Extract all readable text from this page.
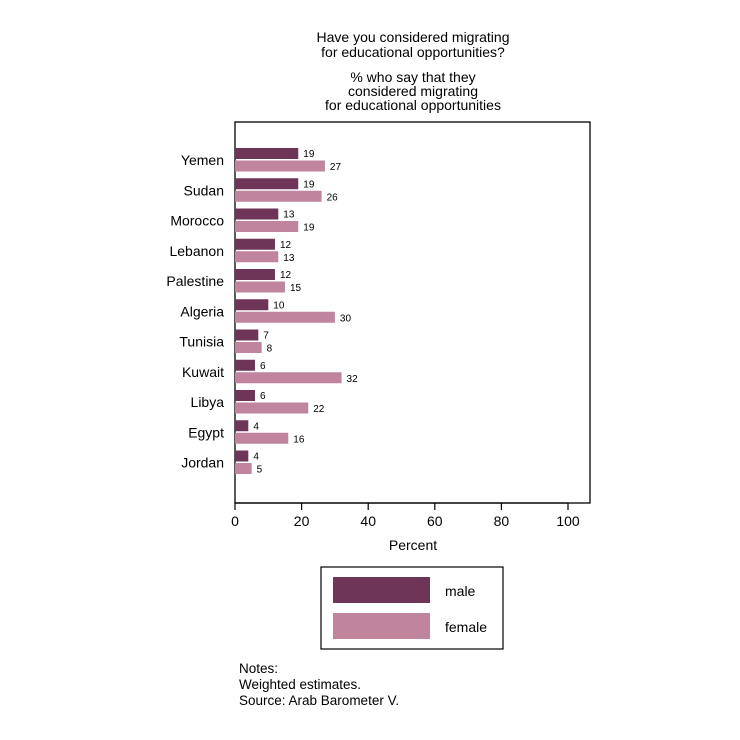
Have you considered migrating
for educational opportunities?
% who say that they
considered migrating
for educational opportunities
19
27
19
26
13
19
12
13
12
15
10
30
7
8
6
32
6
22
4
16
4
5
Yemen
Sudan
Morocco
Lebanon
Palestine
Algeria
Tunisia
Kuwait
Libya
Egypt
Jordan
0	20	40	60	80	100
Percent
male
female
Notes:
Weighted estimates.
Source: Arab Barometer V.
